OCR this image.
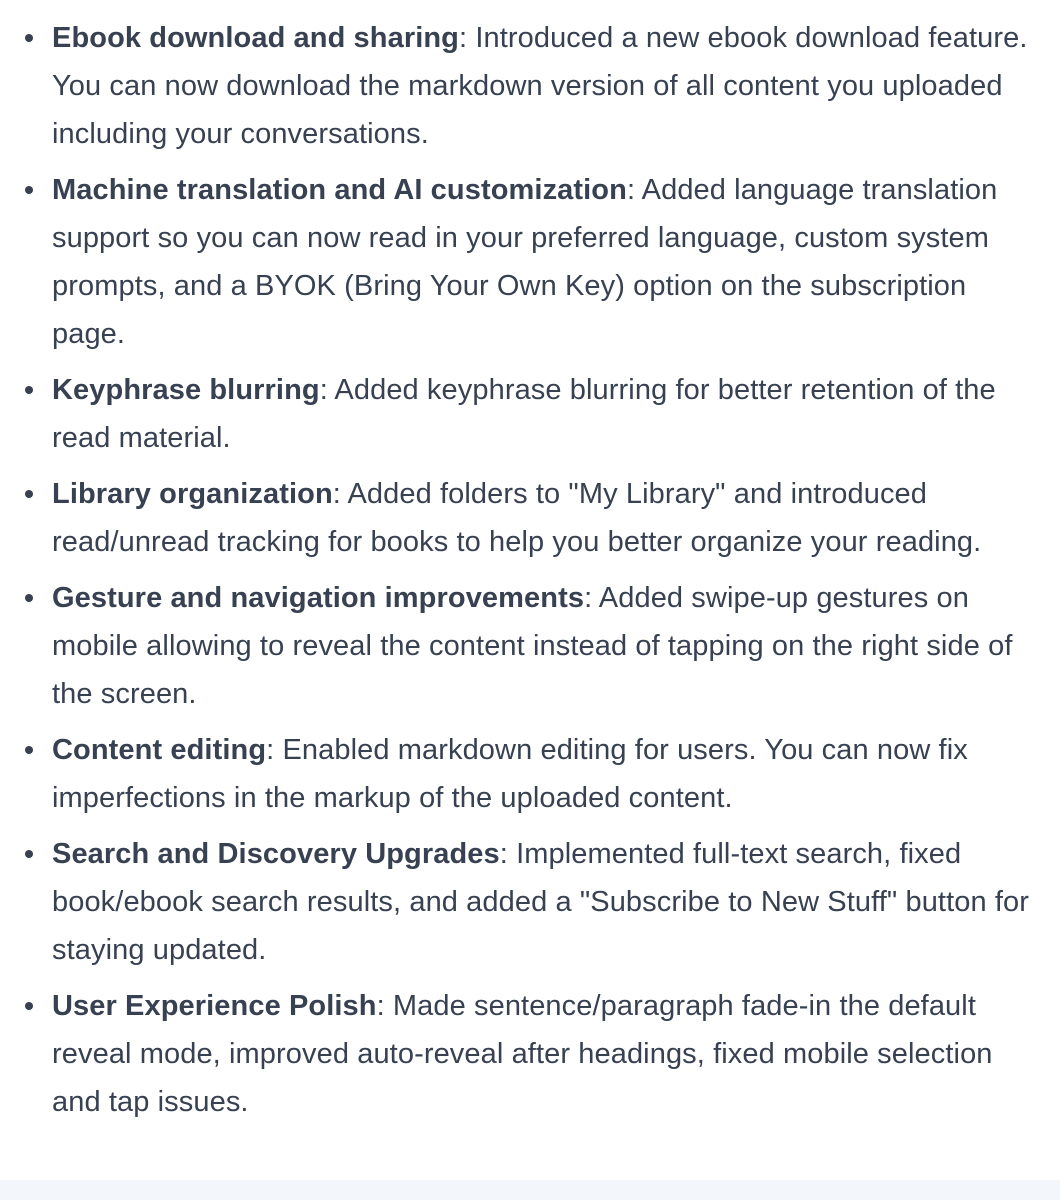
Ebook download and sharing: Introduced a new ebook download feature. You can now download the markdown version of all content you uploaded including your conversations.
Machine translation and AI customization: Added language translation support so you can now read in your preferred language, custom system prompts, and a BYOK (Bring Your Own Key) option on the subscription page.
Keyphrase blurring: Added keyphrase blurring for better retention of the read material.
Library organization: Added folders to "My Library" and introduced read/unread tracking for books to help you better organize your reading.
Gesture and navigation improvements: Added swipe-up gestures on mobile allowing to reveal the content instead of tapping on the right side of the screen.
Content editing: Enabled markdown editing for users. You can now fix imperfections in the markup of the uploaded content.
Search and Discovery Upgrades: Implemented full-text search, fixed book/ebook search results, and added a "Subscribe to New Stuff" button for staying updated.
User Experience Polish: Made sentence/paragraph fade-in the default reveal mode, improved auto-reveal after headings, fixed mobile selection and tap issues.
